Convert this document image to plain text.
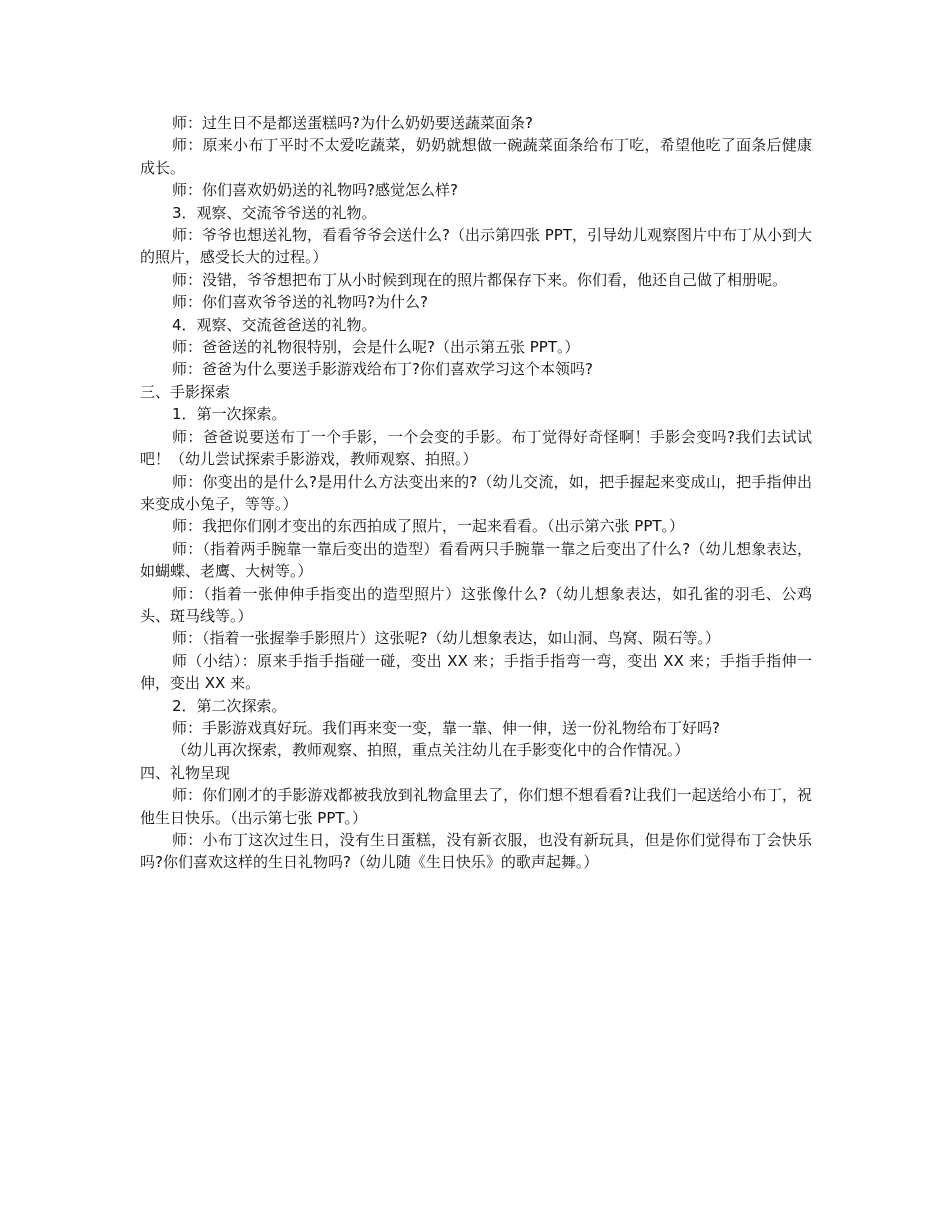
师：过生日不是都送蛋糕吗?为什么奶奶要送蔬菜面条?

师：原来小布丁平时不太爱吃蔬菜，奶奶就想做一碗蔬菜面条给布丁吃，希望他吃了面条后健康成长。

师：你们喜欢奶奶送的礼物吗?感觉怎么样?

3．观察、交流爷爷送的礼物。

师：爷爷也想送礼物，看看爷爷会送什么?（出示第四张 PPT，引导幼儿观察图片中布丁从小到大的照片，感受长大的过程。）

师：没错，爷爷想把布丁从小时候到现在的照片都保存下来。你们看，他还自己做了相册呢。

师：你们喜欢爷爷送的礼物吗?为什么?

4．观察、交流爸爸送的礼物。

师：爸爸送的礼物很特别，会是什么呢?（出示第五张 PPT。）

师：爸爸为什么要送手影游戏给布丁?你们喜欢学习这个本领吗?

三、手影探索

1．第一次探索。

师：爸爸说要送布丁一个手影，一个会变的手影。布丁觉得好奇怪啊！手影会变吗?我们去试试吧！（幼儿尝试探索手影游戏，教师观察、拍照。）

师：你变出的是什么?是用什么方法变出来的?（幼儿交流，如，把手握起来变成山，把手指伸出来变成小兔子，等等。）

师：我把你们刚才变出的东西拍成了照片，一起来看看。（出示第六张 PPT。）

师：（指着两手腕靠一靠后变出的造型）看看两只手腕靠一靠之后变出了什么?（幼儿想象表达，如蝴蝶、老鹰、大树等。）

师：（指着一张伸伸手指变出的造型照片）这张像什么?（幼儿想象表达，如孔雀的羽毛、公鸡头、斑马线等。）

师：（指着一张握拳手影照片）这张呢?（幼儿想象表达，如山洞、鸟窝、陨石等。）

师（小结）：原来手指手指碰一碰，变出 XX 来；手指手指弯一弯，变出 XX 来；手指手指伸一伸，变出 XX 来。

2．第二次探索。

师：手影游戏真好玩。我们再来变一变，靠一靠、伸一伸，送一份礼物给布丁好吗?

（幼儿再次探索，教师观察、拍照，重点关注幼儿在手影变化中的合作情况。）

四、礼物呈现

师：你们刚才的手影游戏都被我放到礼物盒里去了，你们想不想看看?让我们一起送给小布丁，祝他生日快乐。（出示第七张 PPT。）

师：小布丁这次过生日，没有生日蛋糕，没有新衣服，也没有新玩具，但是你们觉得布丁会快乐吗?你们喜欢这样的生日礼物吗?（幼儿随《生日快乐》的歌声起舞。）
